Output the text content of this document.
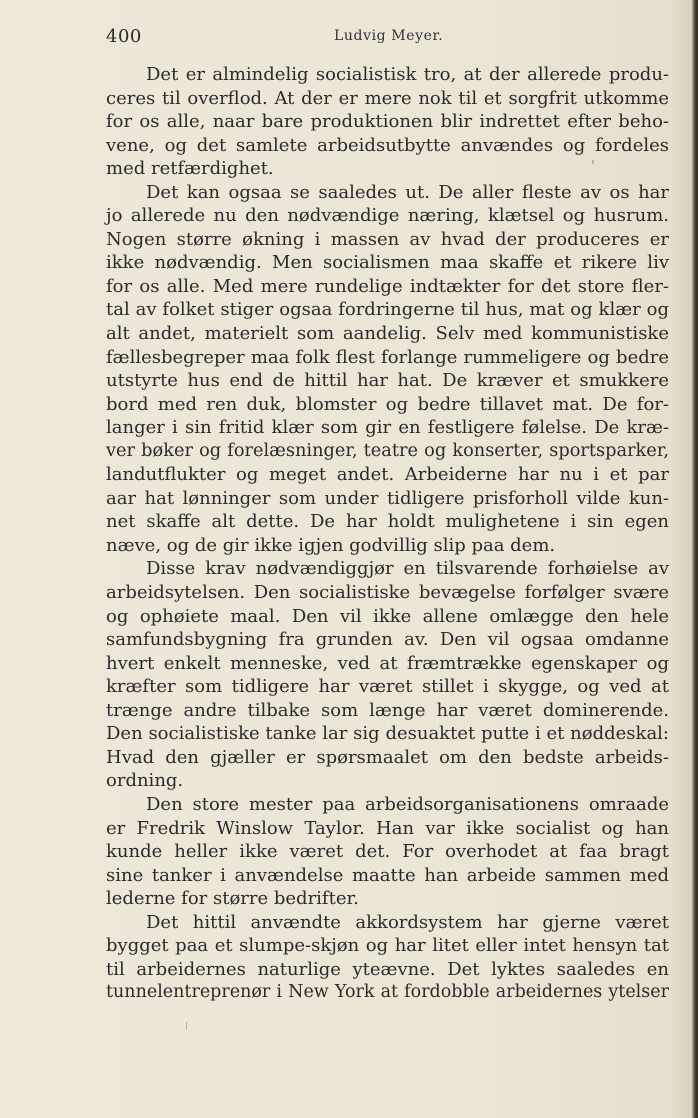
400	Ludvig Meyer.
Det er almindelig socialistisk tro, at der allerede produ-
ceres til overflod. At der er mere nok til et sorgfrit utkomme
for os alle, naar bare produktionen blir indrettet efter beho-
vene, og det samlete arbeidsutbytte anvændes og fordeles
med retfærdighet.
Det kan ogsaa se saaledes ut. De aller fleste av os har
jo allerede nu den nødvændige næring, klætsel og husrum.
Nogen større økning i massen av hvad der produceres er
ikke nødvændig. Men socialismen maa skaffe et rikere liv
for os alle. Med mere rundelige indtækter for det store fler-
tal av folket stiger ogsaa fordringerne til hus, mat og klær og
alt andet, materielt som aandelig. Selv med kommunistiske
fællesbegreper maa folk flest forlange rummeligere og bedre
utstyrte hus end de hittil har hat. De kræver et smukkere
bord med ren duk, blomster og bedre tillavet mat. De for-
langer i sin fritid klær som gir en festligere følelse. De kræ-
ver bøker og forelæsninger, teatre og konserter, sportsparker,
landutflukter og meget andet. Arbeiderne har nu i et par
aar hat lønninger som under tidligere prisforholl vilde kun-
net skaffe alt dette. De har holdt mulighetene i sin egen
næve, og de gir ikke igjen godvillig slip paa dem.
Disse krav nødvændiggjør en tilsvarende forhøielse av
arbeidsytelsen. Den socialistiske bevægelse forfølger svære
og ophøiete maal. Den vil ikke allene omlægge den hele
samfundsbygning fra grunden av. Den vil ogsaa omdanne
hvert enkelt menneske, ved at fræmtrække egenskaper og
kræfter som tidligere har været stillet i skygge, og ved at
trænge andre tilbake som længe har været dominerende.
Den socialistiske tanke lar sig desuaktet putte i et nøddeskal:
Hvad den gjæller er spørsmaalet om den bedste arbeids-
ordning.
Den store mester paa arbeidsorganisationens omraade
er Fredrik Winslow Taylor. Han var ikke socialist og han
kunde heller ikke været det. For overhodet at faa bragt
sine tanker i anvændelse maatte han arbeide sammen med
lederne for større bedrifter.
Det hittil anvændte akkordsystem har gjerne været
bygget paa et slumpe-skjøn og har litet eller intet hensyn tat
til arbeidernes naturlige yteævne. Det lyktes saaledes en
tunnelentreprenør i New York at fordobble arbeidernes ytelser
